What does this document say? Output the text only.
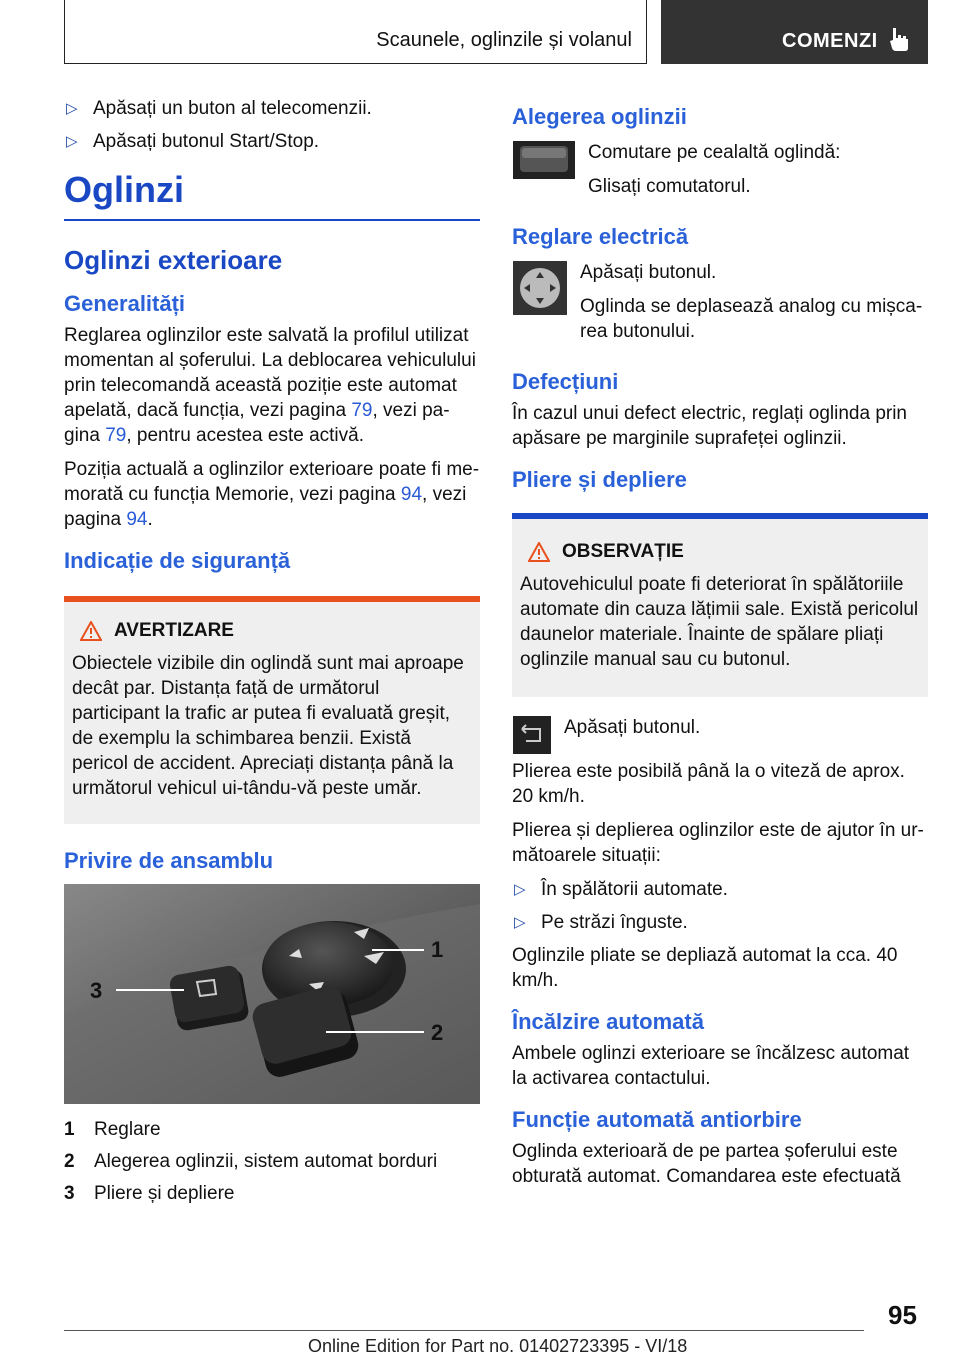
Scaunele, oglinzile și volanul	COMENZI
▷ Apăsați un buton al telecomenzii.
▷ Apăsați butonul Start/Stop.
Oglinzi
Oglinzi exterioare
Generalități

Reglarea oglinzilor este salvată la profilul utilizat momentan al șoferului. La deblocarea vehiculului prin telecomandă această poziție este automat apelată, dacă funcția, vezi pagina 79, vezi pa-gina 79, pentru acestea este activă.

Poziția actuală a oglinzilor exterioare poate fi me-morată cu funcția Memorie, vezi pagina 94, vezi pagina 94.

Indicație de siguranță
AVERTIZARE

Obiectele vizibile din oglindă sunt mai aproape decât par. Distanța față de următorul participant la trafic ar putea fi evaluată greșit, de exemplu la schimbarea benzii. Există pericol de accident. Apreciați distanța până la următorul vehicul ui-tându-vă peste umăr.

Privire de ansamblu
1
2
3
1	Reglare
2	Alegerea oglinzii, sistem automat borduri
3	Pliere și depliere
Alegerea oglinzii

Comutare pe cealaltă oglindă:

Glisați comutatorul.

Reglare electrică

Apăsați butonul.

Oglinda se deplasează analog cu mișca-rea butonului.

Defecțiuni

În cazul unui defect electric, reglați oglinda prin apăsare pe marginile suprafeței oglinzii.

Pliere și depliere
OBSERVAȚIE

Autovehiculul poate fi deteriorat în spălătoriile automate din cauza lățimii sale. Există pericolul daunelor materiale. Înainte de spălare pliați oglinzile manual sau cu butonul.

Apăsați butonul.

Plierea este posibilă până la o viteză de aprox. 20 km/h.

Plierea și deplierea oglinzilor este de ajutor în ur-mătoarele situații:

▷ În spălătorii automate.
▷ Pe străzi înguste.

Oglinzile pliate se depliază automat la cca. 40 km/h.

Încălzire automată

Ambele oglinzi exterioare se încălzesc automat la activarea contactului.

Funcție automată antiorbire

Oglinda exterioară de pe partea șoferului este obturată automat. Comandarea este efectuată

95
Online Edition for Part no. 01402723395 - VI/18
